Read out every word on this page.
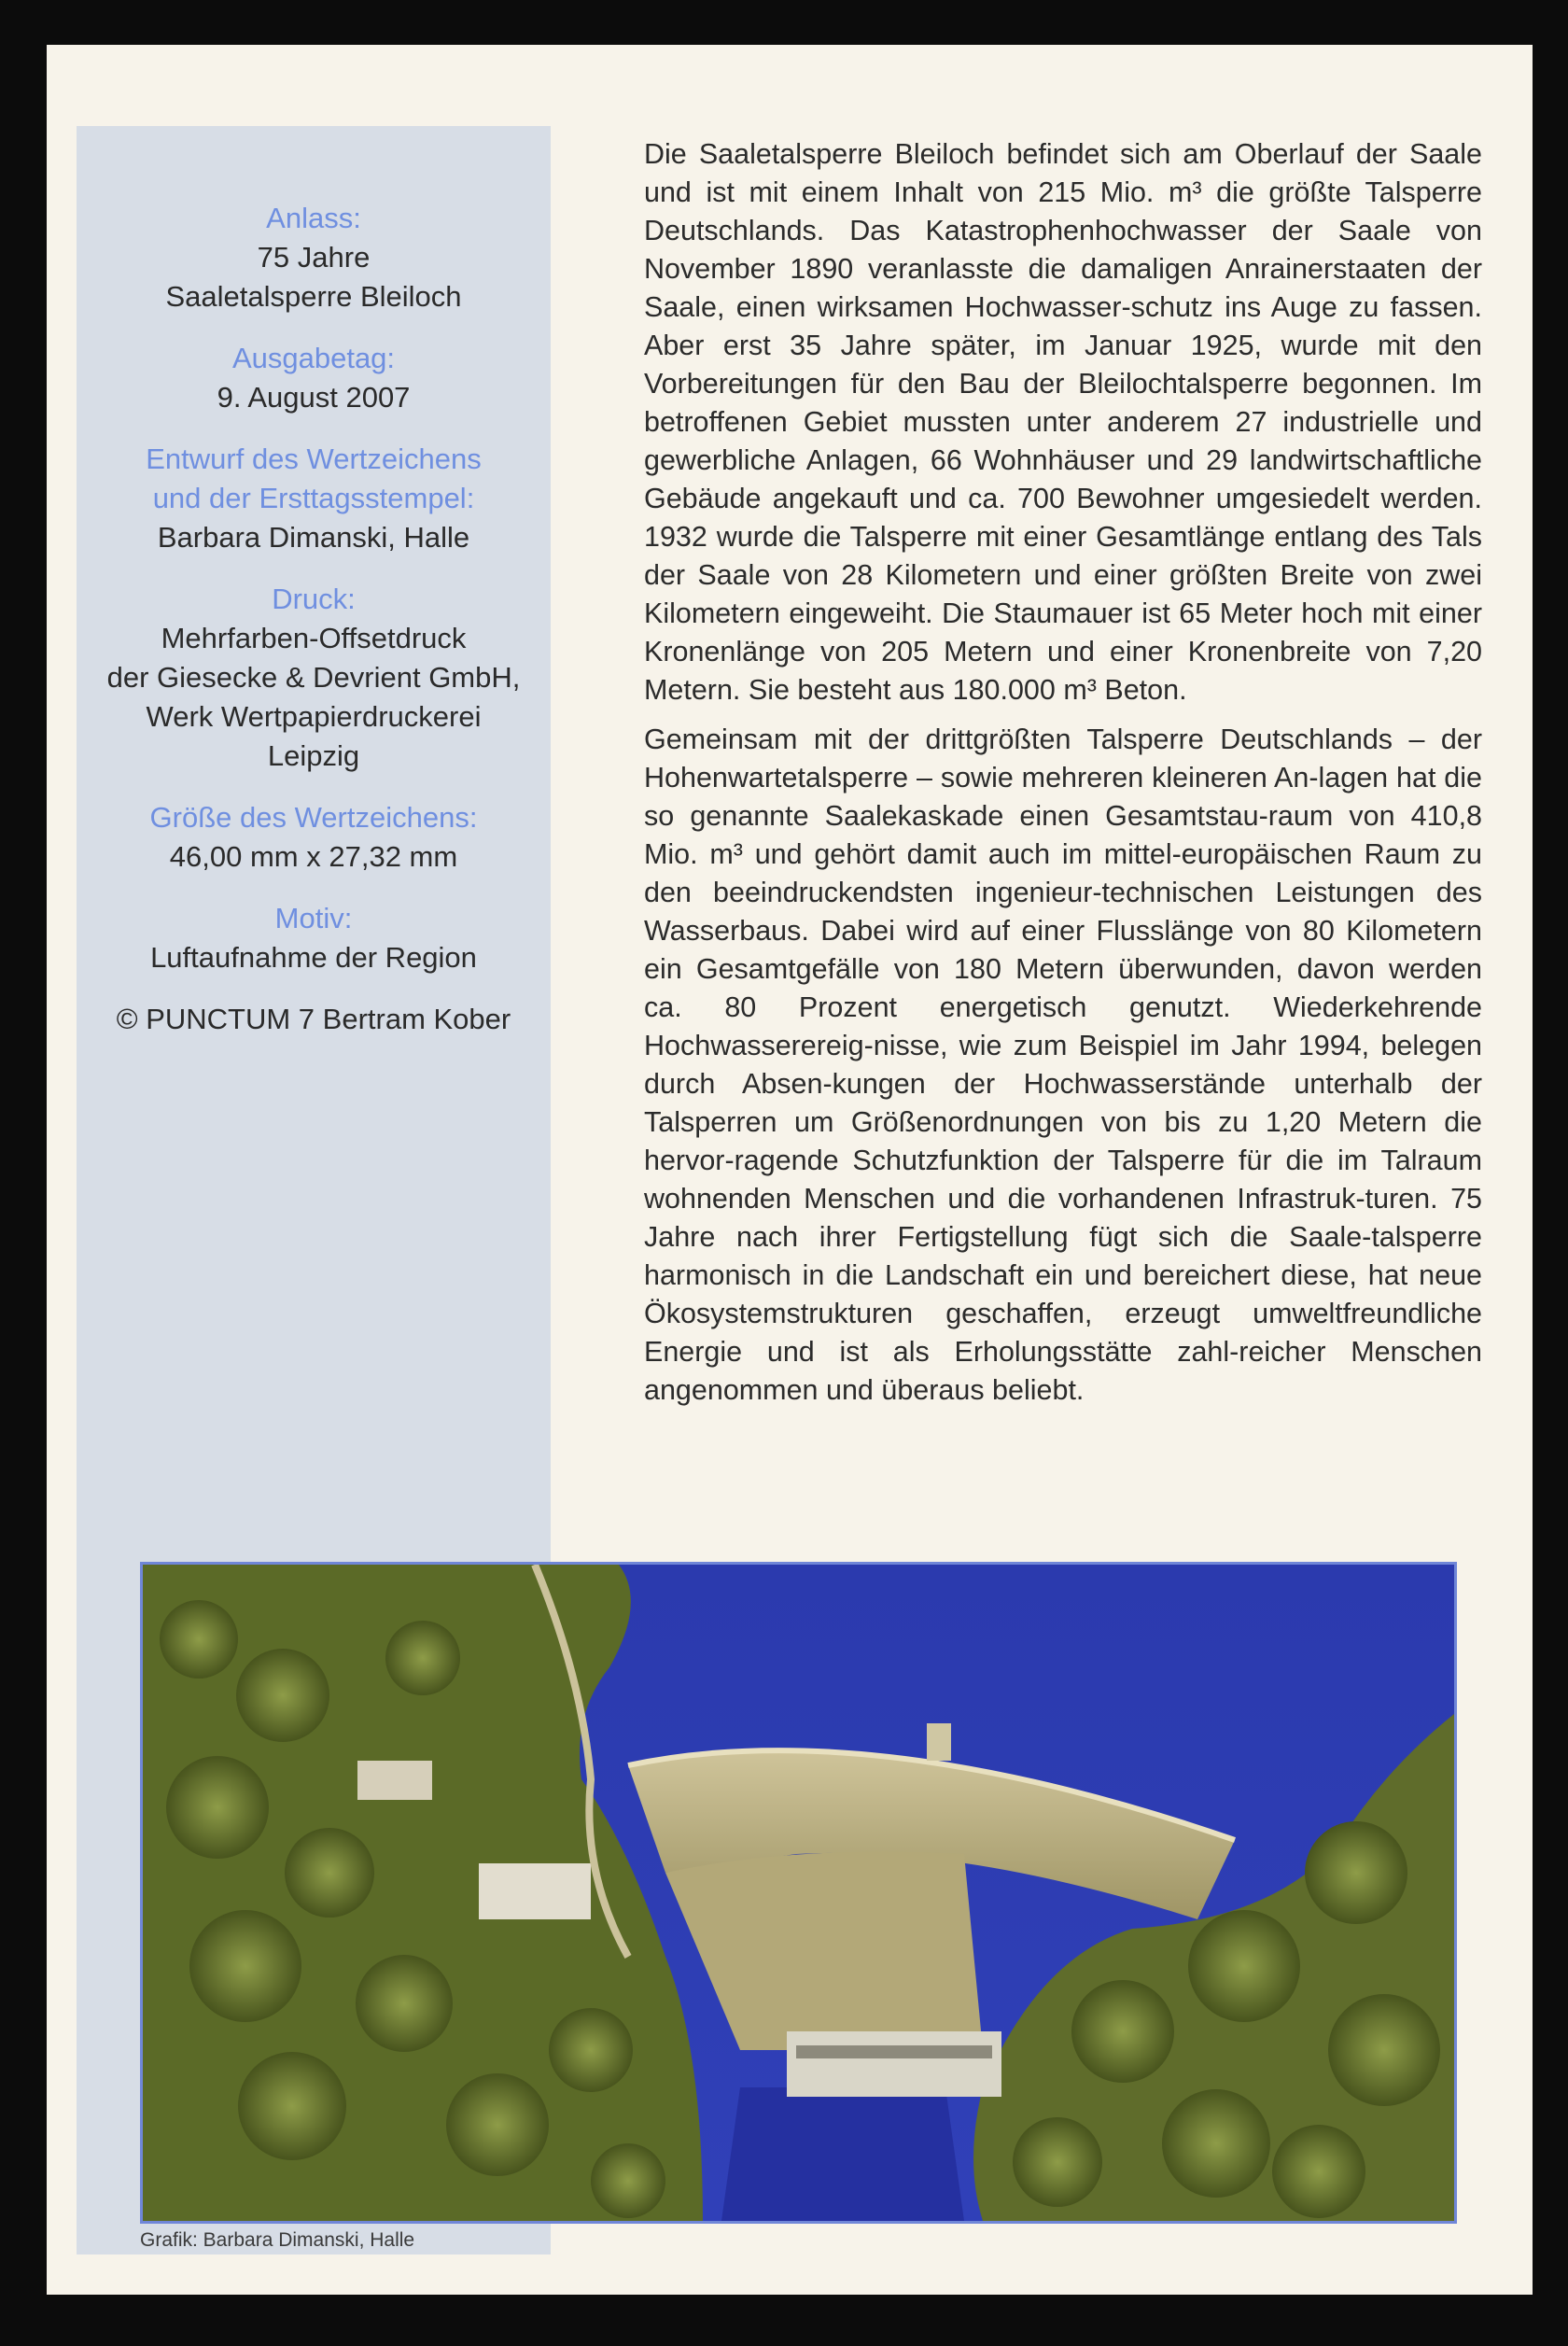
Anlass:
75 Jahre
Saaletalsperre Bleiloch
Ausgabetag:
9. August 2007
Entwurf des Wertzeichens
und der Ersttagsstempel:
Barbara Dimanski, Halle
Druck:
Mehrfarben-Offsetdruck
der Giesecke & Devrient GmbH,
Werk Wertpapierdruckerei
Leipzig
Größe des Wertzeichens:
46,00 mm x 27,32 mm
Motiv:
Luftaufnahme der Region
© PUNCTUM 7 Bertram Kober

Die Saaletalsperre Bleiloch befindet sich am Oberlauf der Saale und ist mit einem Inhalt von 215 Mio. m³ die größte Talsperre Deutschlands. Das Katastrophenhochwasser der Saale von November 1890 veranlasste die damaligen Anrainerstaaten der Saale, einen wirksamen Hochwasser-schutz ins Auge zu fassen. Aber erst 35 Jahre später, im Januar 1925, wurde mit den Vorbereitungen für den Bau der Bleilochtalsperre begonnen. Im betroffenen Gebiet mussten unter anderem 27 industrielle und gewerbliche Anlagen, 66 Wohnhäuser und 29 landwirtschaftliche Gebäude angekauft und ca. 700 Bewohner umgesiedelt werden. 1932 wurde die Talsperre mit einer Gesamtlänge entlang des Tals der Saale von 28 Kilometern und einer größten Breite von zwei Kilometern eingeweiht. Die Staumauer ist 65 Meter hoch mit einer Kronenlänge von 205 Metern und einer Kronenbreite von 7,20 Metern. Sie besteht aus 180.000 m³ Beton.

Gemeinsam mit der drittgrößten Talsperre Deutschlands – der Hohenwartetalsperre – sowie mehreren kleineren An-lagen hat die so genannte Saalekaskade einen Gesamtstau-raum von 410,8 Mio. m³ und gehört damit auch im mittel-europäischen Raum zu den beeindruckendsten ingenieur-technischen Leistungen des Wasserbaus. Dabei wird auf einer Flusslänge von 80 Kilometern ein Gesamtgefälle von 180 Metern überwunden, davon werden ca. 80 Prozent energetisch genutzt. Wiederkehrende Hochwasserereig-nisse, wie zum Beispiel im Jahr 1994, belegen durch Absen-kungen der Hochwasserstände unterhalb der Talsperren um Größenordnungen von bis zu 1,20 Metern die hervor-ragende Schutzfunktion der Talsperre für die im Talraum wohnenden Menschen und die vorhandenen Infrastruk-turen. 75 Jahre nach ihrer Fertigstellung fügt sich die Saale-talsperre harmonisch in die Landschaft ein und bereichert diese, hat neue Ökosystemstrukturen geschaffen, erzeugt umweltfreundliche Energie und ist als Erholungsstätte zahl-reicher Menschen angenommen und überaus beliebt.

Grafik: Barbara Dimanski, Halle
